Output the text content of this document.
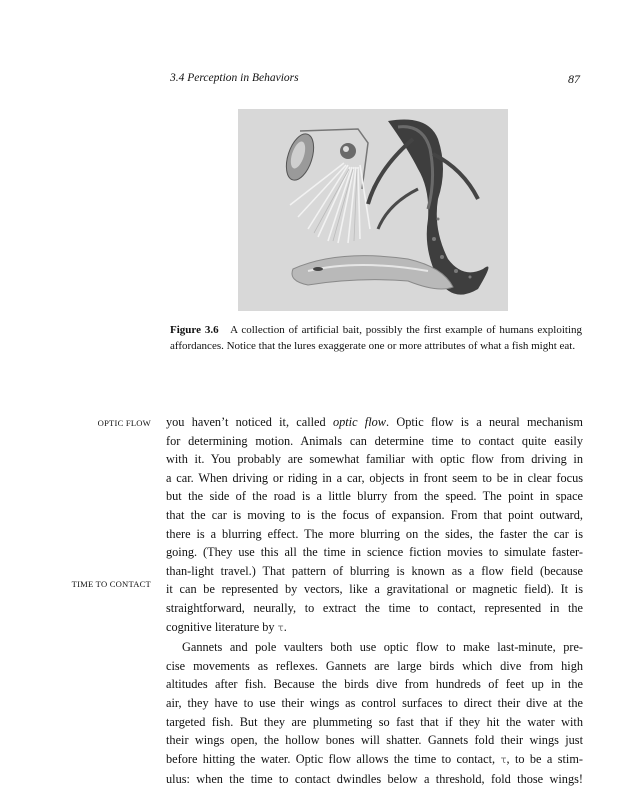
3.4 Perception in Behaviors	87
Figure 3.6 A collection of artificial bait, possibly the first example of humans exploiting affordances. Notice that the lures exaggerate one or more attributes of what a fish might eat.
OPTIC FLOW
TIME TO CONTACT
you haven’t noticed it, called optic flow. Optic flow is a neural mechanism
for determining motion. Animals can determine time to contact quite easily
with it. You probably are somewhat familiar with optic flow from driving in
a car. When driving or riding in a car, objects in front seem to be in clear focus
but the side of the road is a little blurry from the speed. The point in space
that the car is moving to is the focus of expansion. From that point outward,
there is a blurring effect. The more blurring on the sides, the faster the car is
going. (They use this all the time in science fiction movies to simulate faster-
than-light travel.) That pattern of blurring is known as a flow field (because
it can be represented by vectors, like a gravitational or magnetic field). It is
straightforward, neurally, to extract the time to contact, represented in the
cognitive literature by τ.
Gannets and pole vaulters both use optic flow to make last-minute, pre-
cise movements as reflexes. Gannets are large birds which dive from high
altitudes after fish. Because the birds dive from hundreds of feet up in the
air, they have to use their wings as control surfaces to direct their dive at the
targeted fish. But they are plummeting so fast that if they hit the water with
their wings open, the hollow bones will shatter. Gannets fold their wings just
before hitting the water. Optic flow allows the time to contact, τ, to be a stim-
ulus: when the time to contact dwindles below a threshold, fold those wings!
